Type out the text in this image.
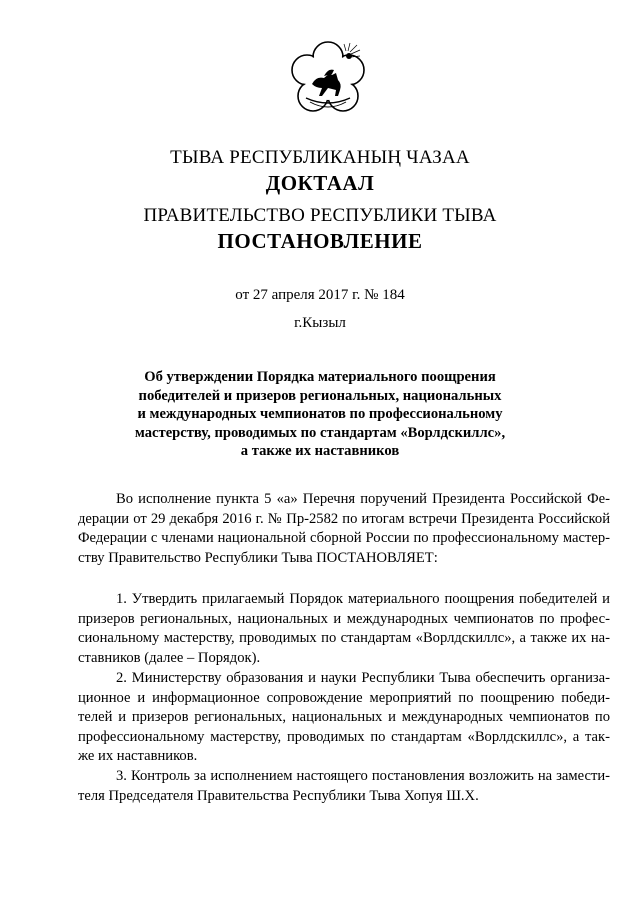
ТЫВА РЕСПУБЛИКАНЫҢ ЧАЗАА
ДОКТААЛ
ПРАВИТЕЛЬСТВО РЕСПУБЛИКИ ТЫВА
ПОСТАНОВЛЕНИЕ
от 27 апреля 2017 г. № 184
г.Кызыл
Об утверждении Порядка материального поощрения
победителей и призеров региональных, национальных
и международных чемпионатов по профессиональному
мастерству, проводимых по стандартам «Ворлдскиллс»,
а также их наставников
Во исполнение пункта 5 «а» Перечня поручений Президента Российской Фе-
дерации от 29 декабря 2016 г. № Пр-2582 по итогам встречи Президента Российской
Федерации с членами национальной сборной России по профессиональному мастер-
ству Правительство Республики Тыва ПОСТАНОВЛЯЕТ:
1. Утвердить прилагаемый Порядок материального поощрения победителей и
призеров региональных, национальных и международных чемпионатов по профес-
сиональному мастерству, проводимых по стандартам «Ворлдскиллс», а также их на-
ставников (далее – Порядок).
2. Министерству образования и науки Республики Тыва обеспечить организа-
ционное и информационное сопровождение мероприятий по поощрению победи-
телей и призеров региональных, национальных и международных чемпионатов по
профессиональному мастерству, проводимых по стандартам «Ворлдскиллс», а так-
же их наставников.
3. Контроль за исполнением настоящего постановления возложить на замести-
теля Председателя Правительства Республики Тыва Хопуя Ш.Х.
